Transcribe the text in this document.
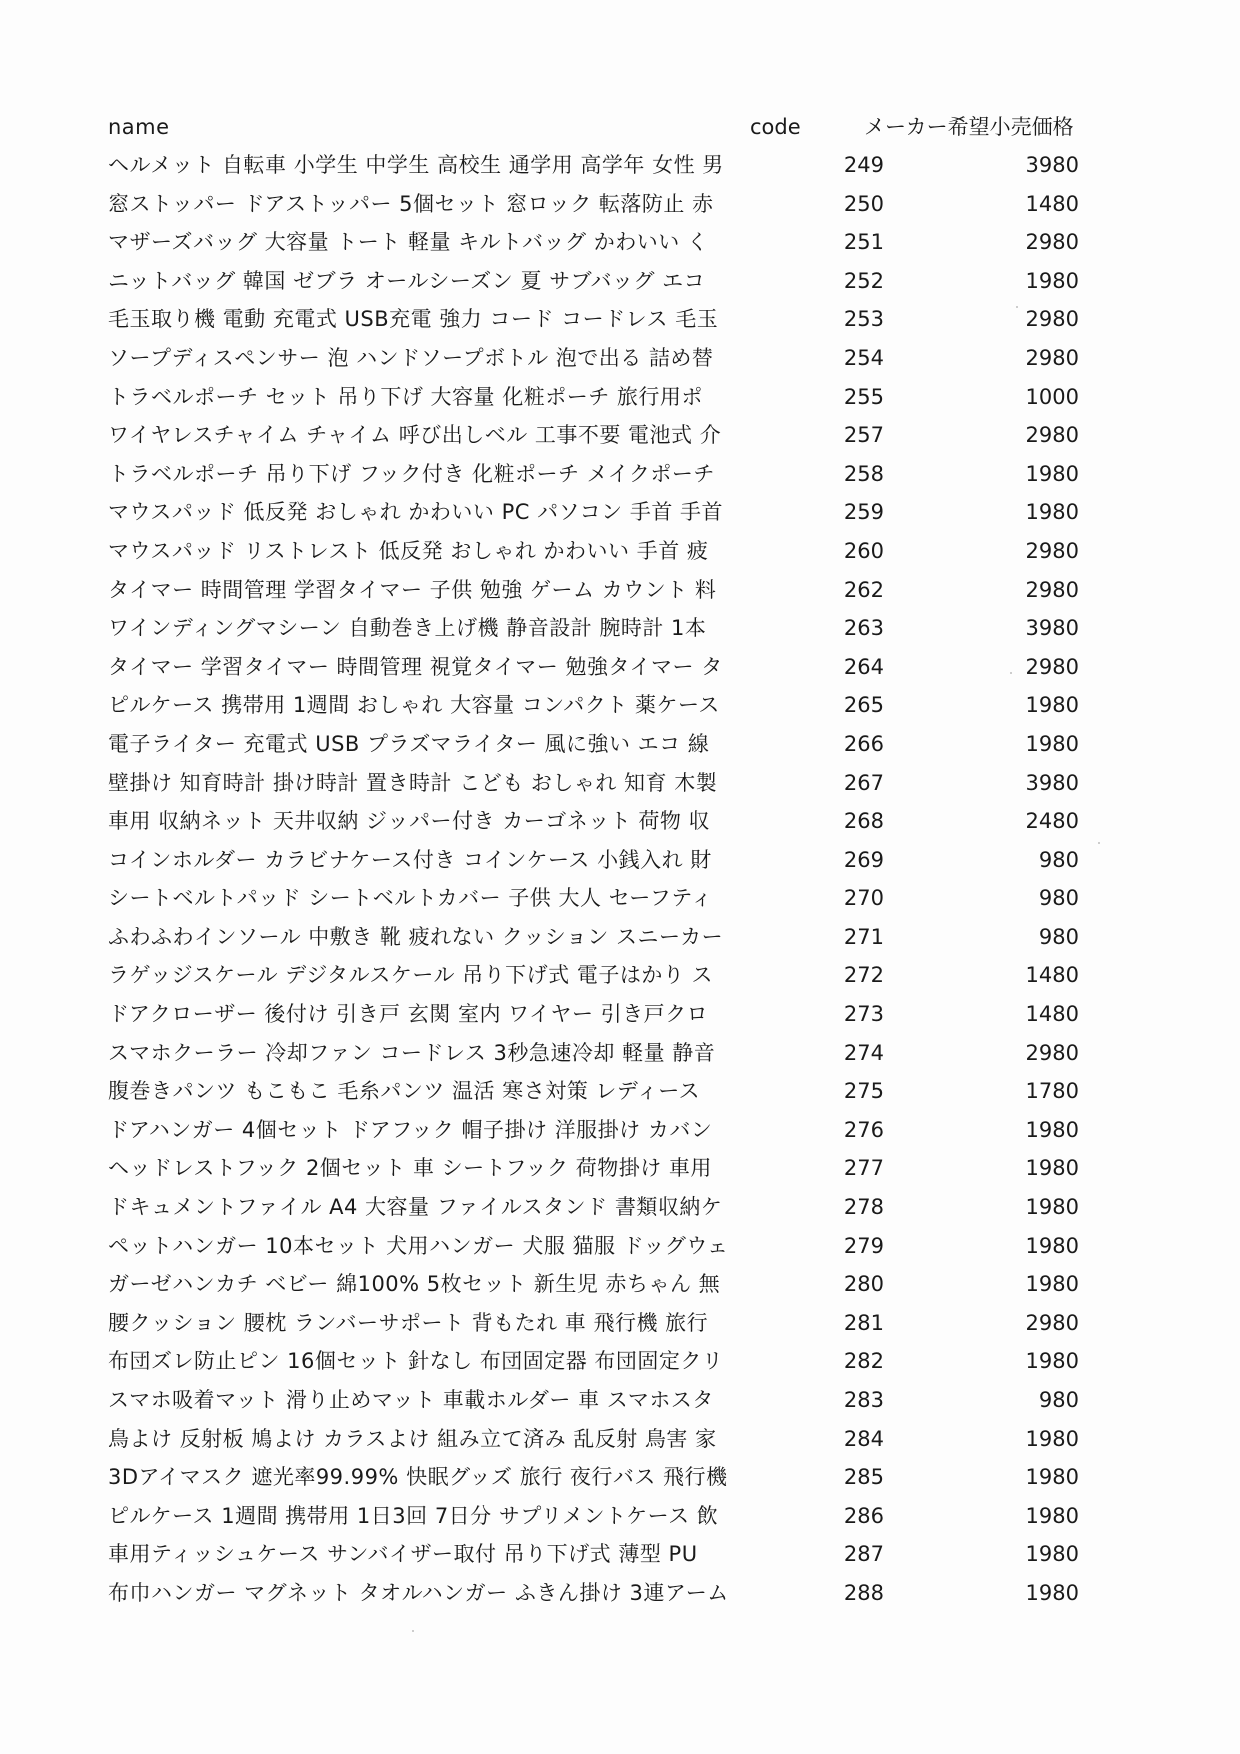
name	code	メーカー希望小売価格
ヘルメット 自転車 小学生 中学生 高校生 通学用 高学年 女性 男	249	3980
窓ストッパー ドアストッパー 5個セット 窓ロック 転落防止 赤	250	1480
マザーズバッグ 大容量 トート 軽量 キルトバッグ かわいい く	251	2980
ニットバッグ 韓国 ゼブラ オールシーズン 夏 サブバッグ エコ	252	1980
毛玉取り機 電動 充電式 USB充電 強力 コード コードレス 毛玉	253	2980
ソープディスペンサー 泡 ハンドソープボトル 泡で出る 詰め替	254	2980
トラベルポーチ セット 吊り下げ 大容量 化粧ポーチ 旅行用ポ	255	1000
ワイヤレスチャイム チャイム 呼び出しベル 工事不要 電池式 介	257	2980
トラベルポーチ 吊り下げ フック付き 化粧ポーチ メイクポーチ	258	1980
マウスパッド 低反発 おしゃれ かわいい PC パソコン 手首 手首	259	1980
マウスパッド リストレスト 低反発 おしゃれ かわいい 手首 疲	260	2980
タイマー 時間管理 学習タイマー 子供 勉強 ゲーム カウント 料	262	2980
ワインディングマシーン 自動巻き上げ機 静音設計 腕時計 1本	263	3980
タイマー 学習タイマー 時間管理 視覚タイマー 勉強タイマー タ	264	2980
ピルケース 携帯用 1週間 おしゃれ 大容量 コンパクト 薬ケース	265	1980
電子ライター 充電式 USB プラズマライター 風に強い エコ 線	266	1980
壁掛け 知育時計 掛け時計 置き時計 こども おしゃれ 知育 木製	267	3980
車用 収納ネット 天井収納 ジッパー付き カーゴネット 荷物 収	268	2480
コインホルダー カラビナケース付き コインケース 小銭入れ 財	269	980
シートベルトパッド シートベルトカバー 子供 大人 セーフティ	270	980
ふわふわインソール 中敷き 靴 疲れない クッション スニーカー	271	980
ラゲッジスケール デジタルスケール 吊り下げ式 電子はかり ス	272	1480
ドアクローザー 後付け 引き戸 玄関 室内 ワイヤー 引き戸クロ	273	1480
スマホクーラー 冷却ファン コードレス 3秒急速冷却 軽量 静音	274	2980
腹巻きパンツ もこもこ 毛糸パンツ 温活 寒さ対策 レディース	275	1780
ドアハンガー 4個セット ドアフック 帽子掛け 洋服掛け カバン	276	1980
ヘッドレストフック 2個セット 車 シートフック 荷物掛け 車用	277	1980
ドキュメントファイル A4 大容量 ファイルスタンド 書類収納ケ	278	1980
ペットハンガー 10本セット 犬用ハンガー 犬服 猫服 ドッグウェ	279	1980
ガーゼハンカチ ベビー 綿100% 5枚セット 新生児 赤ちゃん 無	280	1980
腰クッション 腰枕 ランバーサポート 背もたれ 車 飛行機 旅行	281	2980
布団ズレ防止ピン 16個セット 針なし 布団固定器 布団固定クリ	282	1980
スマホ吸着マット 滑り止めマット 車載ホルダー 車 スマホスタ	283	980
鳥よけ 反射板 鳩よけ カラスよけ 組み立て済み 乱反射 鳥害 家	284	1980
3Dアイマスク 遮光率99.99% 快眠グッズ 旅行 夜行バス 飛行機	285	1980
ピルケース 1週間 携帯用 1日3回 7日分 サプリメントケース 飲	286	1980
車用ティッシュケース サンバイザー取付 吊り下げ式 薄型 PU	287	1980
布巾ハンガー マグネット タオルハンガー ふきん掛け 3連アーム	288	1980
